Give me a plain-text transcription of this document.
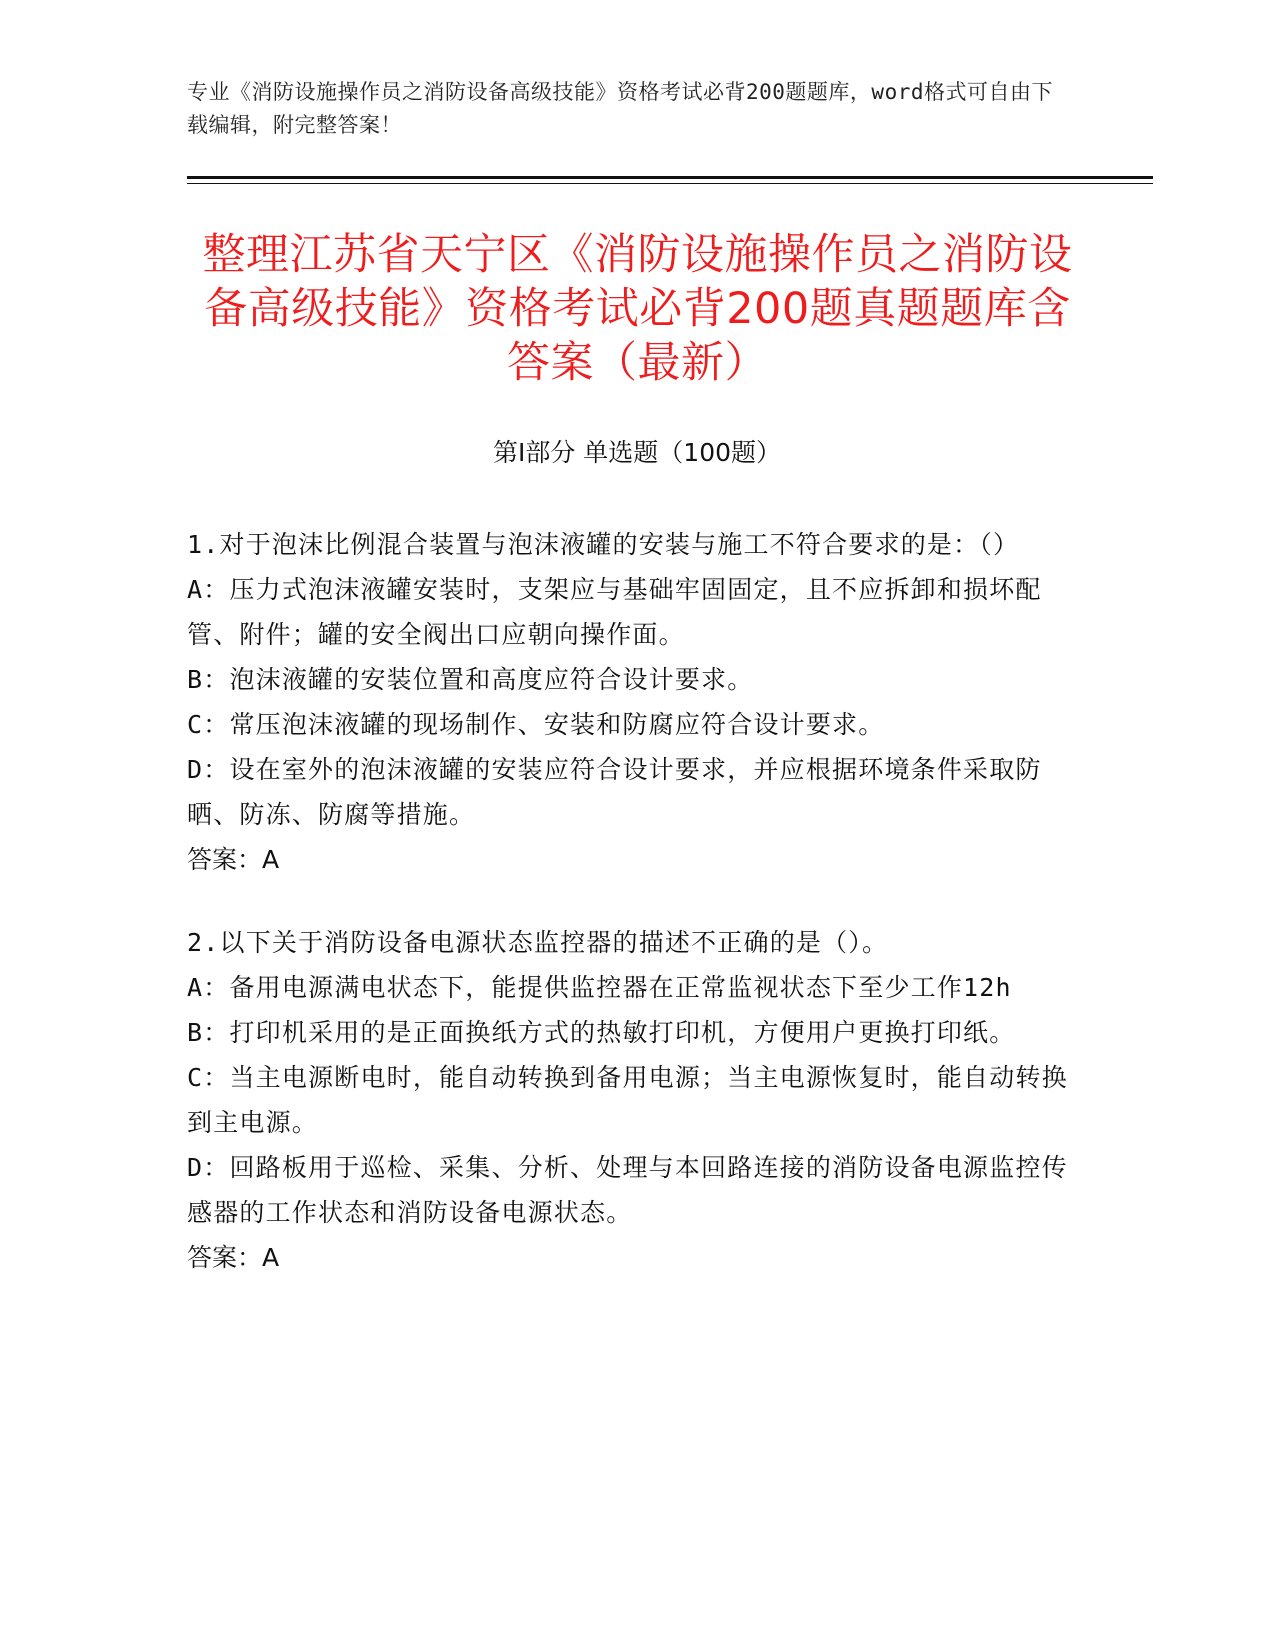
专业《消防设施操作员之消防设备高级技能》资格考试必背200题题库，word格式可自由下载编辑，附完整答案！
整理江苏省天宁区《消防设施操作员之消防设备高级技能》资格考试必背200题真题题库含答案（最新）
第Ⅰ部分 单选题（100题）
1.对于泡沫比例混合装置与泡沫液罐的安装与施工不符合要求的是：（）
A：压力式泡沫液罐安装时，支架应与基础牢固固定，且不应拆卸和损坏配管、附件；罐的安全阀出口应朝向操作面。
B：泡沫液罐的安装位置和高度应符合设计要求。
C：常压泡沫液罐的现场制作、安装和防腐应符合设计要求。
D：设在室外的泡沫液罐的安装应符合设计要求，并应根据环境条件采取防晒、防冻、防腐等措施。
答案：A
2.以下关于消防设备电源状态监控器的描述不正确的是（）。
A：备用电源满电状态下，能提供监控器在正常监视状态下至少工作12h
B：打印机采用的是正面换纸方式的热敏打印机，方便用户更换打印纸。
C：当主电源断电时，能自动转换到备用电源；当主电源恢复时，能自动转换到主电源。
D：回路板用于巡检、采集、分析、处理与本回路连接的消防设备电源监控传感器的工作状态和消防设备电源状态。
答案：A
